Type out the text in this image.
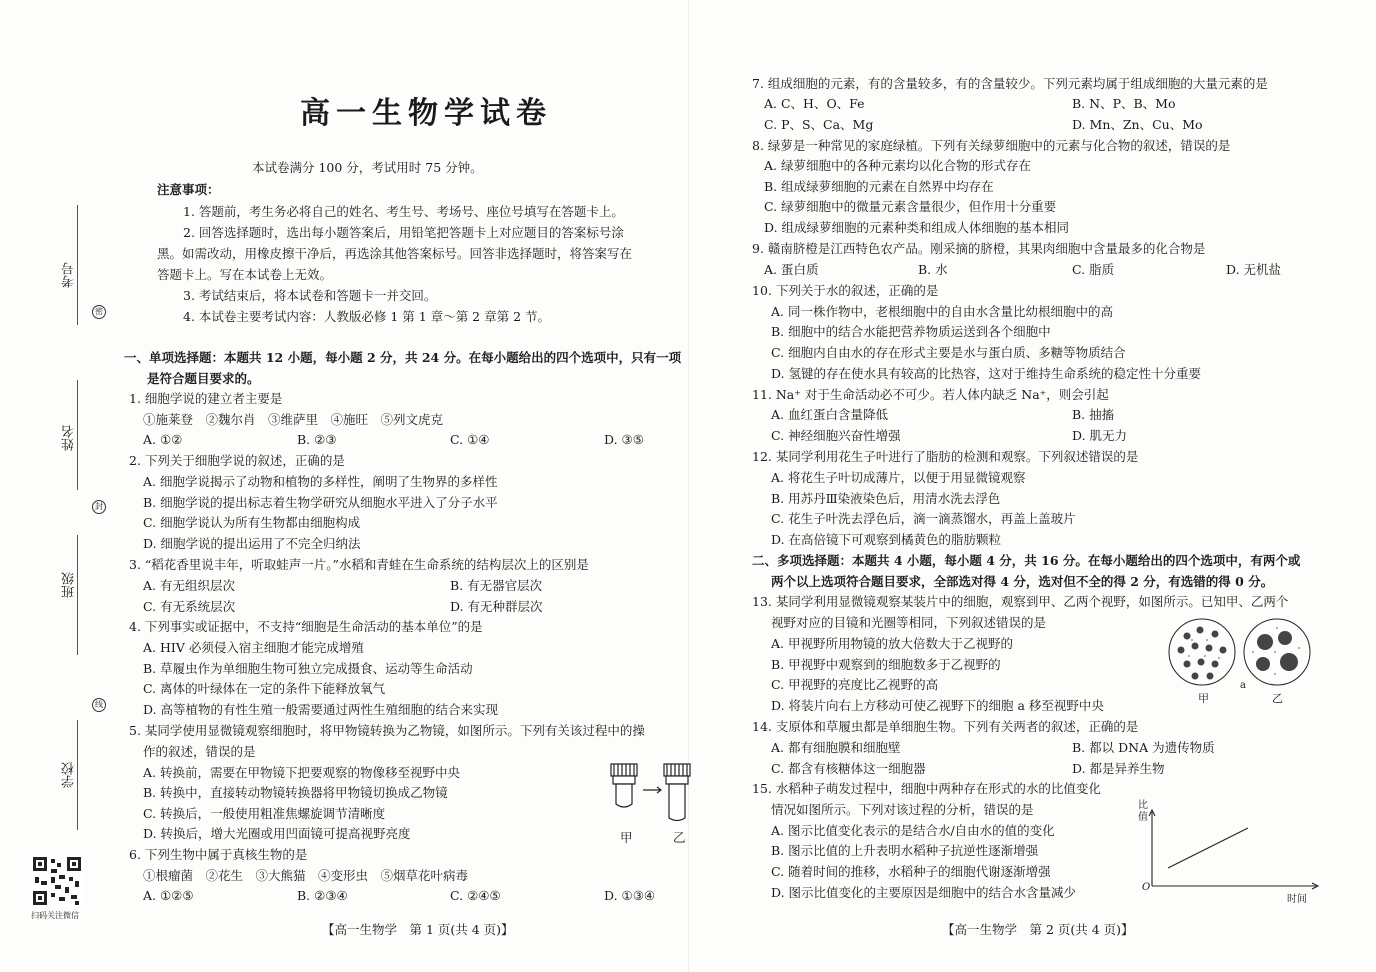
考号
密
姓名
封
班级
线
学校
扫码关注微信
高一生物学试卷
本试卷满分 100 分，考试用时 75 分钟。
注意事项：
1. 答题前，考生务必将自己的姓名、考生号、考场号、座位号填写在答题卡上。
2. 回答选择题时，选出每小题答案后，用铅笔把答题卡上对应题目的答案标号涂
黑。如需改动，用橡皮擦干净后，再选涂其他答案标号。回答非选择题时，将答案写在
答题卡上。写在本试卷上无效。
3. 考试结束后，将本试卷和答题卡一并交回。
4. 本试卷主要考试内容：人教版必修 1 第 1 章～第 2 章第 2 节。
一、单项选择题：本题共 12 小题，每小题 2 分，共 24 分。在每小题给出的四个选项中，只有一项
是符合题目要求的。
1. 细胞学说的建立者主要是
①施莱登　②魏尔肖　③维萨里　④施旺　⑤列文虎克
A. ①②	B. ②③	C. ①④	D. ③⑤
2. 下列关于细胞学说的叙述，正确的是
A. 细胞学说揭示了动物和植物的多样性，阐明了生物界的多样性
B. 细胞学说的提出标志着生物学研究从细胞水平进入了分子水平
C. 细胞学说认为所有生物都由细胞构成
D. 细胞学说的提出运用了不完全归纳法
3. “稻花香里说丰年，听取蛙声一片。”水稻和青蛙在生命系统的结构层次上的区别是
A. 有无组织层次	B. 有无器官层次
C. 有无系统层次	D. 有无种群层次
4. 下列事实或证据中，不支持“细胞是生命活动的基本单位”的是
A. HIV 必须侵入宿主细胞才能完成增殖
B. 草履虫作为单细胞生物可独立完成摄食、运动等生命活动
C. 离体的叶绿体在一定的条件下能释放氧气
D. 高等植物的有性生殖一般需要通过两性生殖细胞的结合来实现
5. 某同学使用显微镜观察细胞时，将甲物镜转换为乙物镜，如图所示。下列有关该过程中的操
作的叙述，错误的是
A. 转换前，需要在甲物镜下把要观察的物像移至视野中央
B. 转换中，直接转动物镜转换器将甲物镜切换成乙物镜
C. 转换后，一般使用粗准焦螺旋调节清晰度
D. 转换后，增大光圈或用凹面镜可提高视野亮度	甲	乙
6. 下列生物中属于真核生物的是
①根瘤菌　②花生　③大熊猫　④变形虫　⑤烟草花叶病毒
A. ①②⑤	B. ②③④	C. ②④⑤	D. ①③④
【高一生物学　第 1 页(共 4 页)】
7. 组成细胞的元素，有的含量较多，有的含量较少。下列元素均属于组成细胞的大量元素的是
A. C、H、O、Fe	B. N、P、B、Mo
C. P、S、Ca、Mg	D. Mn、Zn、Cu、Mo
8. 绿萝是一种常见的家庭绿植。下列有关绿萝细胞中的元素与化合物的叙述，错误的是
A. 绿萝细胞中的各种元素均以化合物的形式存在
B. 组成绿萝细胞的元素在自然界中均存在
C. 绿萝细胞中的微量元素含量很少，但作用十分重要
D. 组成绿萝细胞的元素种类和组成人体细胞的基本相同
9. 赣南脐橙是江西特色农产品。刚采摘的脐橙，其果肉细胞中含量最多的化合物是
A. 蛋白质	B. 水	C. 脂质	D. 无机盐
10. 下列关于水的叙述，正确的是
A. 同一株作物中，老根细胞中的自由水含量比幼根细胞中的高
B. 细胞中的结合水能把营养物质运送到各个细胞中
C. 细胞内自由水的存在形式主要是水与蛋白质、多糖等物质结合
D. 氢键的存在使水具有较高的比热容，这对于维持生命系统的稳定性十分重要
11. Na⁺ 对于生命活动必不可少。若人体内缺乏 Na⁺，则会引起
A. 血红蛋白含量降低	B. 抽搐
C. 神经细胞兴奋性增强	D. 肌无力
12. 某同学利用花生子叶进行了脂肪的检测和观察。下列叙述错误的是
A. 将花生子叶切成薄片，以便于用显微镜观察
B. 用苏丹Ⅲ染液染色后，用清水洗去浮色
C. 花生子叶洗去浮色后，滴一滴蒸馏水，再盖上盖玻片
D. 在高倍镜下可观察到橘黄色的脂肪颗粒
二、多项选择题：本题共 4 小题，每小题 4 分，共 16 分。在每小题给出的四个选项中，有两个或
两个以上选项符合题目要求，全部选对得 4 分，选对但不全的得 2 分，有选错的得 0 分。
13. 某同学利用显微镜观察某装片中的细胞，观察到甲、乙两个视野，如图所示。已知甲、乙两个
视野对应的目镜和光圈等相同，下列叙述错误的是
A. 甲视野所用物镜的放大倍数大于乙视野的
B. 甲视野中观察到的细胞数多于乙视野的
C. 甲视野的亮度比乙视野的高
D. 将装片向右上方移动可使乙视野下的细胞 a 移至视野中央	甲
a
乙
14. 支原体和草履虫都是单细胞生物。下列有关两者的叙述，正确的是
A. 都有细胞膜和细胞壁	B. 都以 DNA 为遗传物质
C. 都含有核糖体这一细胞器	D. 都是异养生物
15. 水稻种子萌发过程中，细胞中两种存在形式的水的比值变化
情况如图所示。下列对该过程的分析，错误的是
A. 图示比值变化表示的是结合水/自由水的值的变化
B. 图示比值的上升表明水稻种子抗逆性逐渐增强
C. 随着时间的推移，水稻种子的细胞代谢逐渐增强
D. 图示比值变化的主要原因是细胞中的结合水含量减少
比
值
O
时间
【高一生物学　第 2 页(共 4 页)】
